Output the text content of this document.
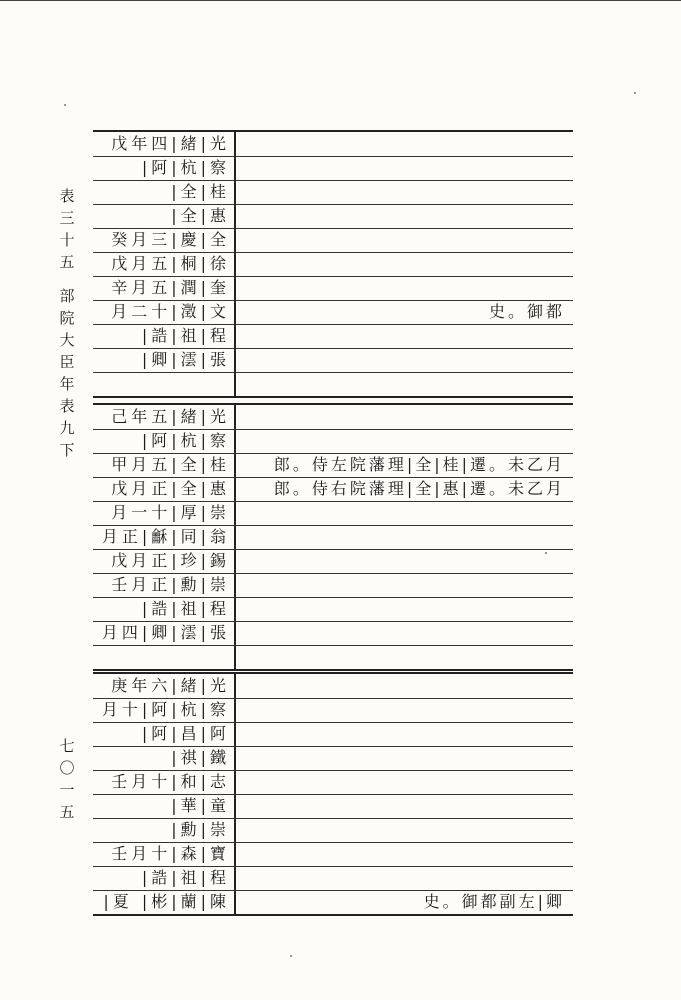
表
三
十
五
部
院
大
臣
年
表
九
下
七
〇
一
五
戊年四|緒|光
|阿|杭|察
|全|桂
|全|惠
癸月三|慶|全
戊月五|桐|徐
辛月五|潤|奎
月二十|澂|文	史。御都
|誥|祖|程
|卿|澐|張
己年五|緒|光
|阿|杭|察
甲月五|全|桂	郎。侍左院藩理|全|桂|遷。未乙月
戊月正|全|惠	郎。侍右院藩理|全|惠|遷。未乙月
月一十|厚|崇
月正|龢|同|翁
戊月正|珍|錫
壬月正|勳|崇
|誥|祖|程
月四|卿|澐|張
庚年六|緒|光
月十|阿|杭|察
|阿|昌|阿
|祺|鐵
壬月十|和|志
|華|童
|勳|崇
壬月十|森|寶
|誥|祖|程
|夏 |彬|蘭|陳	史。御都副左|卿
